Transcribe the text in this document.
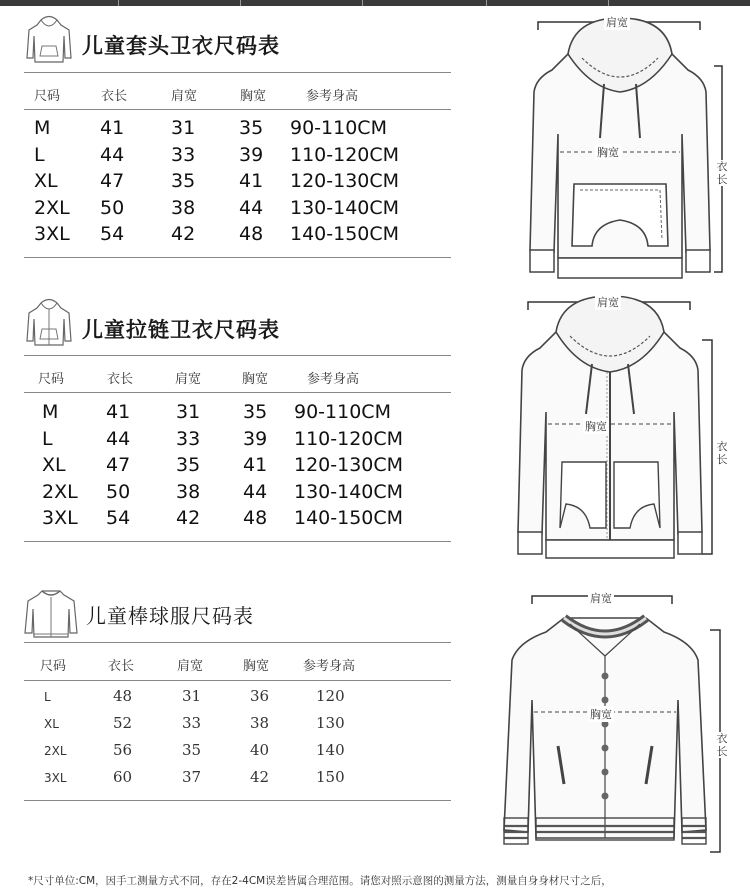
儿童套头卫衣尺码表
尺码	衣长	肩宽	胸宽	参考身高
M	41 31 35 90-110CM
L	44 33 39 110-120CM
XL 47 35 41 120-130CM
2XL 50 38 44 130-140CM
3XL 54 42 48 140-150CM
儿童拉链卫衣尺码表
尺码	衣长	肩宽	胸宽	参考身高
M	41 31 35 90-110CM
L	44 33 39 110-120CM
XL 47 35 41 120-130CM
2XL 50 38 44 130-140CM
3XL 54 42 48 140-150CM
儿童棒球服尺码表
尺码	衣长	肩宽	胸宽	参考身高
L	48	31	36	120
XL	52	33	38	130
2XL	56	35	40	140
3XL	60	37	42	150
肩宽
胸宽
衣长
肩宽
胸宽
衣长
肩宽
胸宽
衣长
*尺寸单位:CM，因手工测量方式不同，存在2-4CM误差皆属合理范围。请您对照示意图的测量方法，测量自身身材尺寸之后，
